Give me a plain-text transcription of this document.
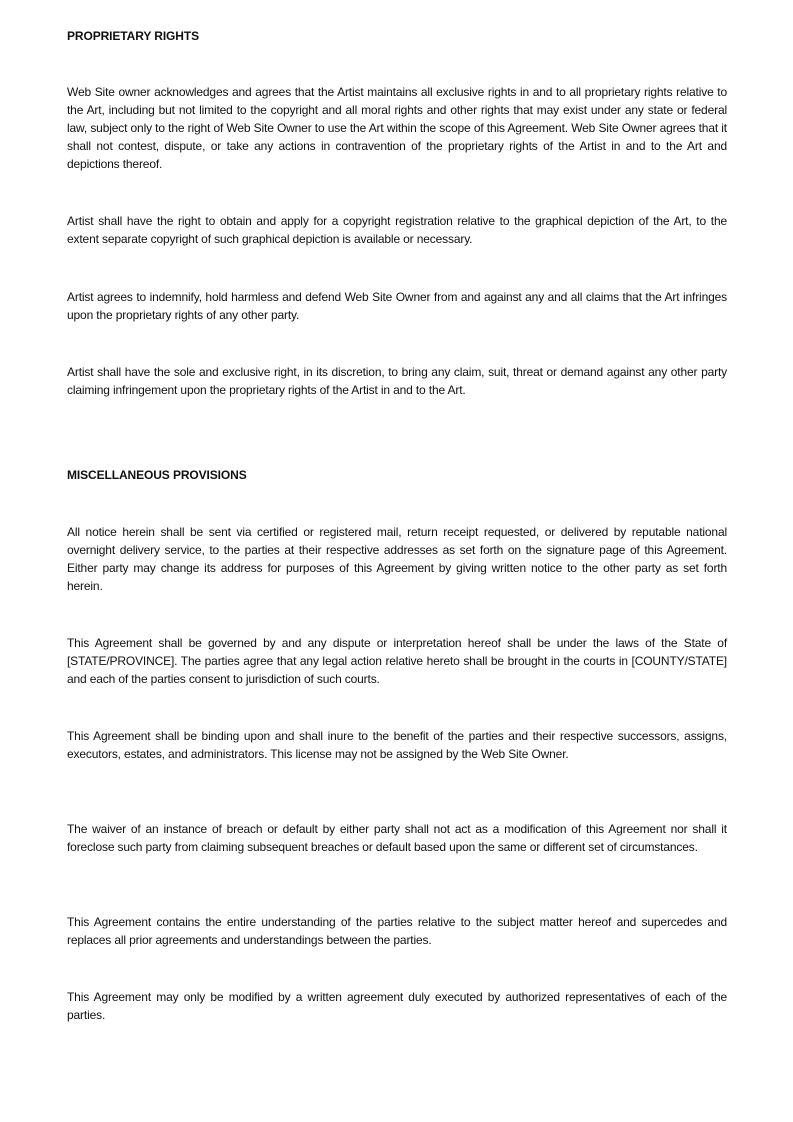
PROPRIETARY RIGHTS

Web Site owner acknowledges and agrees that the Artist maintains all exclusive rights in and to all proprietary rights relative to the Art, including but not limited to the copyright and all moral rights and other rights that may exist under any state or federal law, subject only to the right of Web Site Owner to use the Art within the scope of this Agreement. Web Site Owner agrees that it shall not contest, dispute, or take any actions in contravention of the proprietary rights of the Artist in and to the Art and depictions thereof.

Artist shall have the right to obtain and apply for a copyright registration relative to the graphical depiction of the Art, to the extent separate copyright of such graphical depiction is available or necessary.

Artist agrees to indemnify, hold harmless and defend Web Site Owner from and against any and all claims that the Art infringes upon the proprietary rights of any other party.

Artist shall have the sole and exclusive right, in its discretion, to bring any claim, suit, threat or demand against any other party claiming infringement upon the proprietary rights of the Artist in and to the Art.

MISCELLANEOUS PROVISIONS

All notice herein shall be sent via certified or registered mail, return receipt requested, or delivered by reputable national overnight delivery service, to the parties at their respective addresses as set forth on the signature page of this Agreement. Either party may change its address for purposes of this Agreement by giving written notice to the other party as set forth herein.

This Agreement shall be governed by and any dispute or interpretation hereof shall be under the laws of the State of [STATE/PROVINCE]. The parties agree that any legal action relative hereto shall be brought in the courts in [COUNTY/STATE] and each of the parties consent to jurisdiction of such courts.

This Agreement shall be binding upon and shall inure to the benefit of the parties and their respective successors, assigns, executors, estates, and administrators. This license may not be assigned by the Web Site Owner.

The waiver of an instance of breach or default by either party shall not act as a modification of this Agreement nor shall it foreclose such party from claiming subsequent breaches or default based upon the same or different set of circumstances.

This Agreement contains the entire understanding of the parties relative to the subject matter hereof and supercedes and replaces all prior agreements and understandings between the parties.

This Agreement may only be modified by a written agreement duly executed by authorized representatives of each of the parties.
